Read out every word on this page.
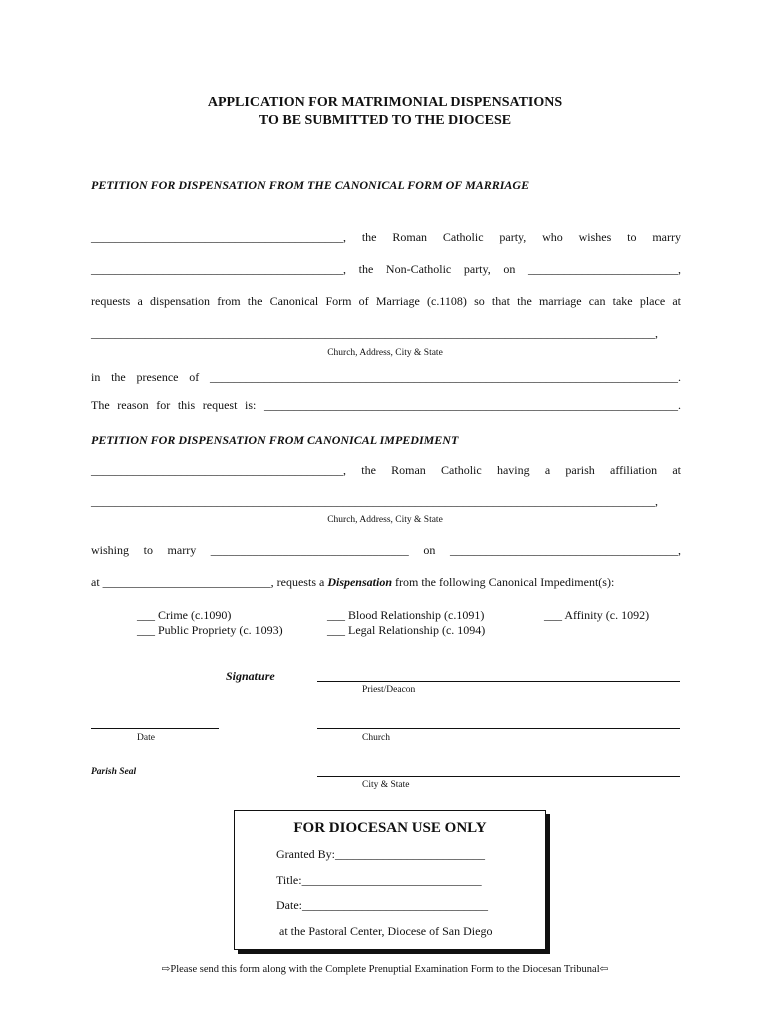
APPLICATION FOR MATRIMONIAL DISPENSATIONS
TO BE SUBMITTED TO THE DIOCESE
PETITION FOR DISPENSATION FROM THE CANONICAL FORM OF MARRIAGE
__________________________________________, the Roman Catholic party, who wishes to marry
__________________________________________, the Non-Catholic party, on _________________________,
requests a dispensation from the Canonical Form of Marriage (c.1108) so that the marriage can take place at
______________________________________________________________________________________________,
Church, Address, City & State
in the presence of ______________________________________________________________________________.
The reason for this request is: _____________________________________________________________________.
PETITION FOR DISPENSATION FROM CANONICAL IMPEDIMENT
__________________________________________, the Roman Catholic having a parish affiliation at
______________________________________________________________________________________________,
Church, Address, City & State
wishing to marry _________________________________ on ______________________________________,
at ____________________________, requests a Dispensation from the following Canonical Impediment(s):
___ Crime (c.1090)
___ Public Propriety (c. 1093)
___ Blood Relationship (c.1091)
___ Legal Relationship (c. 1094)
___ Affinity (c. 1092)
Signature
Priest/Deacon
Date	Church
Parish Seal
City & State
FOR DIOCESAN USE ONLY
Granted By:_________________________
Title:______________________________
Date:_______________________________
at the Pastoral Center, Diocese of San Diego
⇨Please send this form along with the Complete Prenuptial Examination Form to the Diocesan Tribunal⇦
